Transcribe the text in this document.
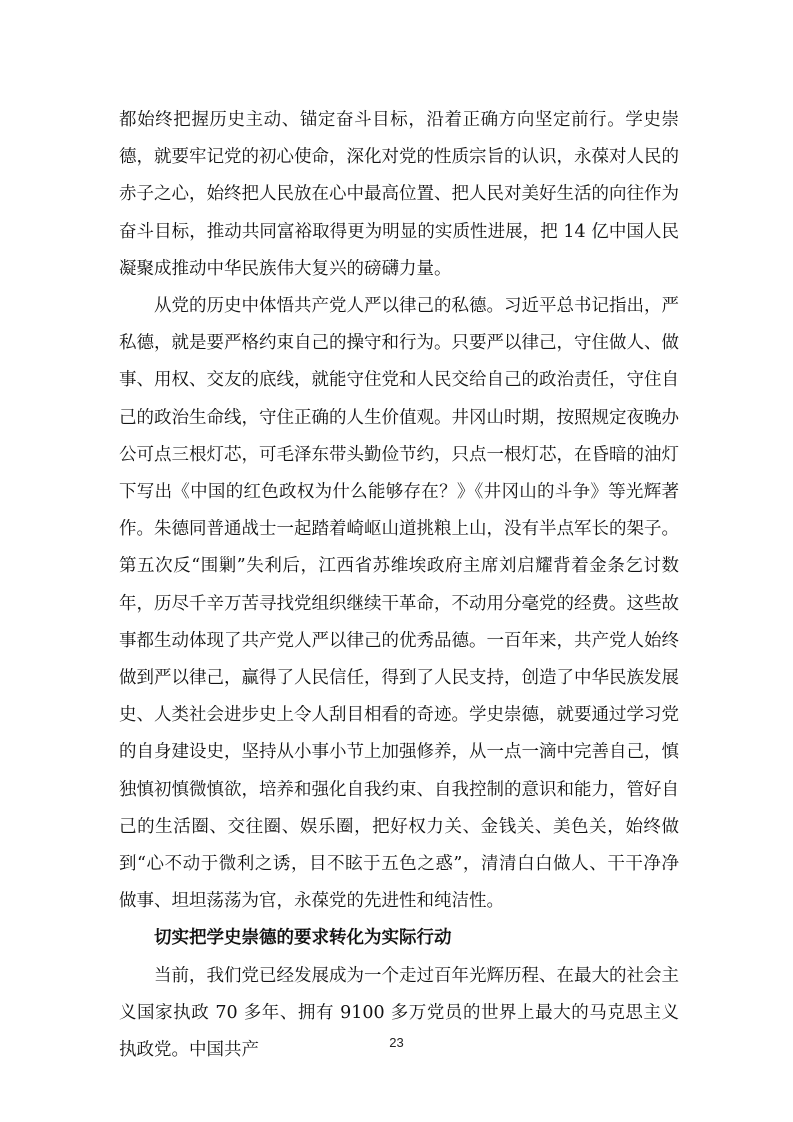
都始终把握历史主动、锚定奋斗目标，沿着正确方向坚定前行。学史崇德，就要牢记党的初心使命，深化对党的性质宗旨的认识，永葆对人民的赤子之心，始终把人民放在心中最高位置、把人民对美好生活的向往作为奋斗目标，推动共同富裕取得更为明显的实质性进展，把 14 亿中国人民凝聚成推动中华民族伟大复兴的磅礴力量。

从党的历史中体悟共产党人严以律己的私德。习近平总书记指出，严私德，就是要严格约束自己的操守和行为。只要严以律己，守住做人、做事、用权、交友的底线，就能守住党和人民交给自己的政治责任，守住自己的政治生命线，守住正确的人生价值观。井冈山时期，按照规定夜晚办公可点三根灯芯，可毛泽东带头勤俭节约，只点一根灯芯，在昏暗的油灯下写出《中国的红色政权为什么能够存在？》《井冈山的斗争》等光辉著作。朱德同普通战士一起踏着崎岖山道挑粮上山，没有半点军长的架子。第五次反“围剿”失利后，江西省苏维埃政府主席刘启耀背着金条乞讨数年，历尽千辛万苦寻找党组织继续干革命，不动用分毫党的经费。这些故事都生动体现了共产党人严以律己的优秀品德。一百年来，共产党人始终做到严以律己，赢得了人民信任，得到了人民支持，创造了中华民族发展史、人类社会进步史上令人刮目相看的奇迹。学史崇德，就要通过学习党的自身建设史，坚持从小事小节上加强修养，从一点一滴中完善自己，慎独慎初慎微慎欲，培养和强化自我约束、自我控制的意识和能力，管好自己的生活圈、交往圈、娱乐圈，把好权力关、金钱关、美色关，始终做到“心不动于微利之诱，目不眩于五色之惑”，清清白白做人、干干净净做事、坦坦荡荡为官，永葆党的先进性和纯洁性。

切实把学史崇德的要求转化为实际行动

当前，我们党已经发展成为一个走过百年光辉历程、在最大的社会主义国家执政 70 多年、拥有 9100 多万党员的世界上最大的马克思主义执政党。中国共产	23
